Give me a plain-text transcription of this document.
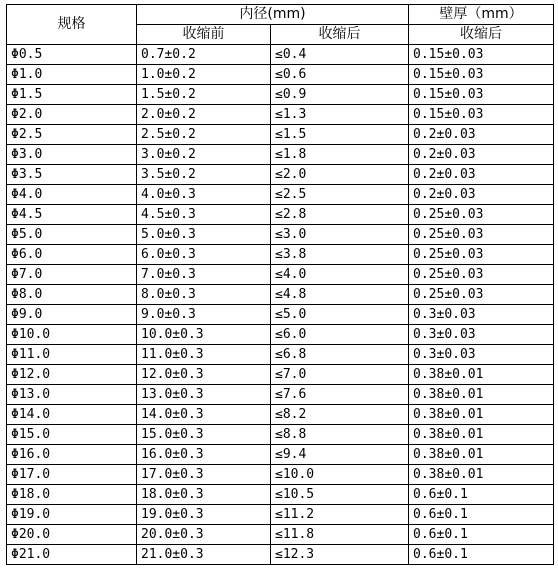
规格	内径(mm)		壁厚（mm）
	收缩前	收缩后	收缩后
Φ0.5	0.7±0.2	≤0.4	0.15±0.03
Φ1.0	1.0±0.2	≤0.6	0.15±0.03
Φ1.5	1.5±0.2	≤0.9	0.15±0.03
Φ2.0	2.0±0.2	≤1.3	0.15±0.03
Φ2.5	2.5±0.2	≤1.5	0.2±0.03
Φ3.0	3.0±0.2	≤1.8	0.2±0.03
Φ3.5	3.5±0.2	≤2.0	0.2±0.03
Φ4.0	4.0±0.3	≤2.5	0.2±0.03
Φ4.5	4.5±0.3	≤2.8	0.25±0.03
Φ5.0	5.0±0.3	≤3.0	0.25±0.03
Φ6.0	6.0±0.3	≤3.8	0.25±0.03
Φ7.0	7.0±0.3	≤4.0	0.25±0.03
Φ8.0	8.0±0.3	≤4.8	0.25±0.03
Φ9.0	9.0±0.3	≤5.0	0.3±0.03
Φ10.0	10.0±0.3	≤6.0	0.3±0.03
Φ11.0	11.0±0.3	≤6.8	0.3±0.03
Φ12.0	12.0±0.3	≤7.0	0.38±0.01
Φ13.0	13.0±0.3	≤7.6	0.38±0.01
Φ14.0	14.0±0.3	≤8.2	0.38±0.01
Φ15.0	15.0±0.3	≤8.8	0.38±0.01
Φ16.0	16.0±0.3	≤9.4	0.38±0.01
Φ17.0	17.0±0.3	≤10.0	0.38±0.01
Φ18.0	18.0±0.3	≤10.5	0.6±0.1
Φ19.0	19.0±0.3	≤11.2	0.6±0.1
Φ20.0	20.0±0.3	≤11.8	0.6±0.1
Φ21.0	21.0±0.3	≤12.3	0.6±0.1
